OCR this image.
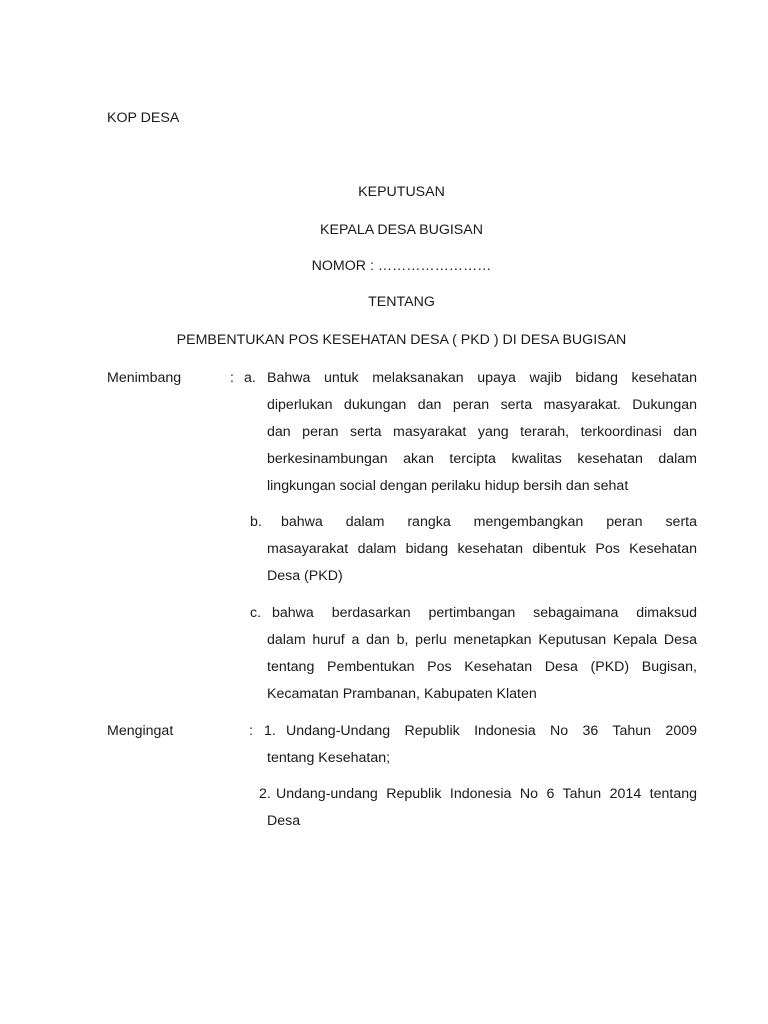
KOP DESA
KEPUTUSAN
KEPALA DESA BUGISAN
NOMOR : ……………………
TENTANG
PEMBENTUKAN POS KESEHATAN DESA ( PKD ) DI DESA BUGISAN
Menimbang	: a. Bahwa untuk melaksanakan upaya wajib bidang kesehatan
diperlukan dukungan dan peran serta masyarakat. Dukungan
dan peran serta masyarakat yang terarah, terkoordinasi dan
berkesinambungan akan tercipta kwalitas kesehatan dalam
lingkungan social dengan perilaku hidup bersih dan sehat
b. bahwa dalam rangka mengembangkan peran serta
masayarakat dalam bidang kesehatan dibentuk Pos Kesehatan
Desa (PKD)
c. bahwa berdasarkan pertimbangan sebagaimana dimaksud
dalam huruf a dan b, perlu menetapkan Keputusan Kepala Desa
tentang Pembentukan Pos Kesehatan Desa (PKD) Bugisan,
Kecamatan Prambanan, Kabupaten Klaten
Mengingat	: 1. Undang-Undang Republik Indonesia No 36 Tahun 2009
tentang Kesehatan;
2. Undang-undang Republik Indonesia No 6 Tahun 2014 tentang
Desa
